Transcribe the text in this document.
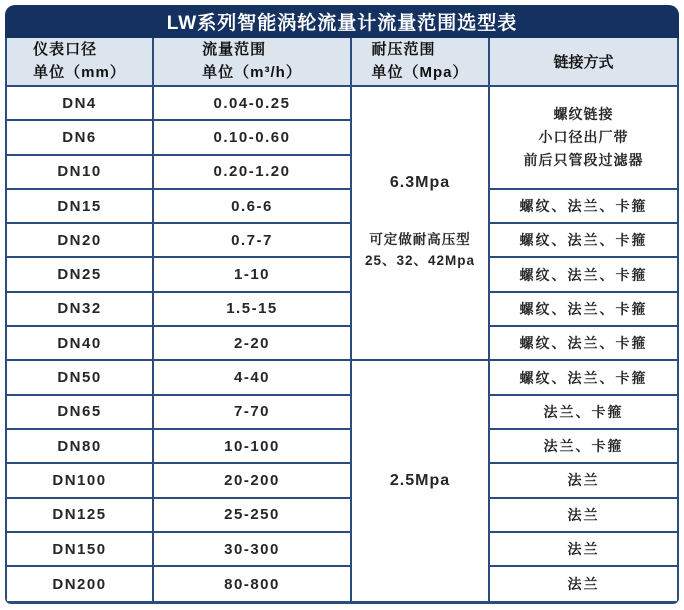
LW系列智能涡轮流量计流量范围选型表
仪表口径
单位（mm）
流量范围
单位（m³/h）
耐压范围
单位（Mpa）
链接方式
DN4
DN6
DN10
DN15
DN20
DN25
DN32
DN40
DN50
DN65
DN80
DN100
DN125
DN150
DN200
0.04-0.25
0.10-0.60
0.20-1.20
0.6-6
0.7-7
1-10
1.5-15
2-20
4-40
7-70
10-100
20-200
25-250
30-300
80-800
6.3Mpa
可定做耐高压型
25、32、42Mpa
2.5Mpa
螺纹链接
小口径出厂带
前后只管段过滤器
螺纹、法兰、卡箍
螺纹、法兰、卡箍
螺纹、法兰、卡箍
螺纹、法兰、卡箍
螺纹、法兰、卡箍
螺纹、法兰、卡箍
法兰、卡箍
法兰、卡箍
法兰
法兰
法兰
法兰
